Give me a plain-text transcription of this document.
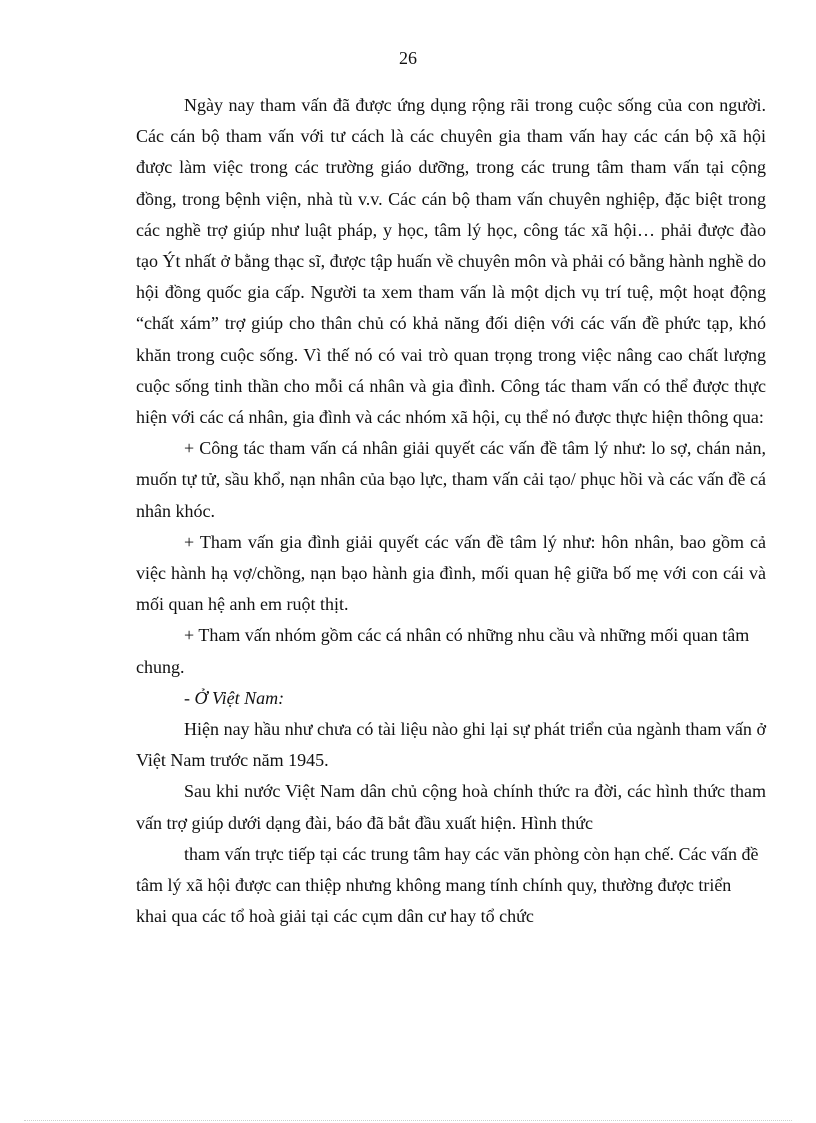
26

Ngày nay tham vấn đã được ứng dụng rộng rãi trong cuộc sống của con người. Các cán bộ tham vấn với tư cách là các chuyên gia tham vấn hay các cán bộ xã hội được làm việc trong các trường giáo dưỡng, trong các trung tâm tham vấn tại cộng đồng, trong bệnh viện, nhà tù v.v. Các cán bộ tham vấn chuyên nghiệp, đặc biệt trong các nghề trợ giúp như luật pháp, y học, tâm lý học, công tác xã hội… phải được đào tạo Ýt nhất ở bằng thạc sĩ, được tập huấn về chuyên môn và phải có bằng hành nghề do hội đồng quốc gia cấp. Người ta xem tham vấn là một dịch vụ trí tuệ, một hoạt động “chất xám” trợ giúp cho thân chủ có khả năng đối diện với các vấn đề phức tạp, khó khăn trong cuộc sống. Vì thế nó có vai trò quan trọng trong việc nâng cao chất lượng cuộc sống tinh thần cho mỗi cá nhân và gia đình. Công tác tham vấn có thể được thực hiện với các cá nhân, gia đình và các nhóm xã hội, cụ thể nó được thực hiện thông qua:

+ Công tác tham vấn cá nhân giải quyết các vấn đề tâm lý như: lo sợ, chán nản, muốn tự tử, sầu khổ, nạn nhân của bạo lực, tham vấn cải tạo/ phục hồi và các vấn đề cá nhân khóc.

+ Tham vấn gia đình giải quyết các vấn đề tâm lý như: hôn nhân, bao gồm cả việc hành hạ vợ/chồng, nạn bạo hành gia đình, mối quan hệ giữa bố mẹ với con cái và mối quan hệ anh em ruột thịt.

+ Tham vấn nhóm gồm các cá nhân có những nhu cầu và những mối quan tâm chung.

- Ở Việt Nam:

Hiện nay hầu như chưa có tài liệu nào ghi lại sự phát triển của ngành tham vấn ở Việt Nam trước năm 1945.

Sau khi nước Việt Nam dân chủ cộng hoà chính thức ra đời, các hình thức tham vấn trợ giúp dưới dạng đài, báo đã bắt đầu xuất hiện. Hình thức

tham vấn trực tiếp tại các trung tâm hay các văn phòng còn hạn chế. Các vấn đề tâm lý xã hội được can thiệp nhưng không mang tính chính quy, thường được triển khai qua các tổ hoà giải tại các cụm dân cư hay tổ chức
